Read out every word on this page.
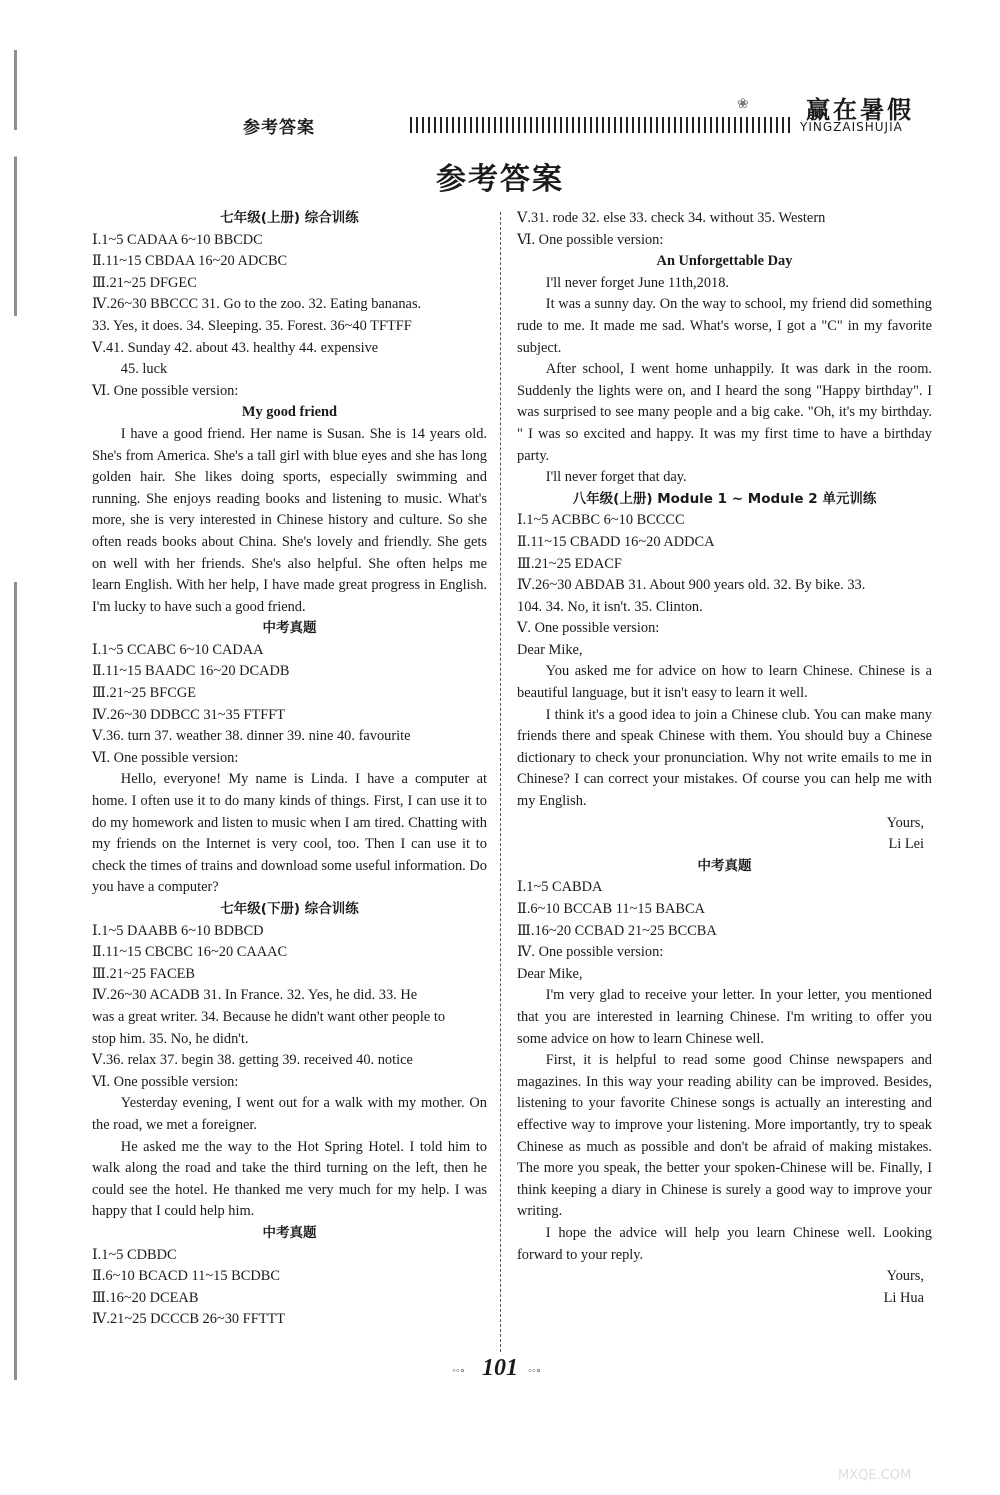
参考答案
❀ 赢在暑假
YINGZAISHUJIA
参考答案
七年级(上册) 综合训练
Ⅰ.1~5 CADAA 6~10 BBCDC
Ⅱ.11~15 CBDAA 16~20 ADCBC
Ⅲ.21~25 DFGEC
Ⅳ.26~30 BBCCC 31. Go to the zoo. 32. Eating bananas.
33. Yes, it does. 34. Sleeping. 35. Forest. 36~40 TFTFF
Ⅴ.41. Sunday 42. about 43. healthy 44. expensive
45. luck
Ⅵ. One possible version:
My good friend
I have a good friend. Her name is Susan. She is 14 years old. She's from America. She's a tall girl with blue eyes and she has long golden hair. She likes doing sports, especially swimming and running. She enjoys reading books and listening to music. What's more, she is very interested in Chinese history and culture. So she often reads books about China. She's lovely and friendly. She gets on well with her friends. She's also helpful. She often helps me learn English. With her help, I have made great progress in English. I'm lucky to have such a good friend.
中考真题
Ⅰ.1~5 CCABC 6~10 CADAA
Ⅱ.11~15 BAADC 16~20 DCADB
Ⅲ.21~25 BFCGE
Ⅳ.26~30 DDBCC 31~35 FTFFT
Ⅴ.36. turn 37. weather 38. dinner 39. nine 40. favourite
Ⅵ. One possible version:
Hello, everyone! My name is Linda. I have a computer at home. I often use it to do many kinds of things. First, I can use it to do my homework and listen to music when I am tired. Chatting with my friends on the Internet is very cool, too. Then I can use it to check the times of trains and download some useful information. Do you have a computer?
七年级(下册) 综合训练
Ⅰ.1~5 DAABB 6~10 BDBCD
Ⅱ.11~15 CBCBC 16~20 CAAAC
Ⅲ.21~25 FACEB
Ⅳ.26~30 ACADB 31. In France. 32. Yes, he did. 33. He
was a great writer. 34. Because he didn't want other people to
stop him. 35. No, he didn't.
Ⅴ.36. relax 37. begin 38. getting 39. received 40. notice
Ⅵ. One possible version:
Yesterday evening, I went out for a walk with my mother. On the road, we met a foreigner.
He asked me the way to the Hot Spring Hotel. I told him to walk along the road and take the third turning on the left, then he could see the hotel. He thanked me very much for my help. I was happy that I could help him.
中考真题
Ⅰ.1~5 CDBDC
Ⅱ.6~10 BCACD 11~15 BCDBC
Ⅲ.16~20 DCEAB
Ⅳ.21~25 DCCCB 26~30 FFTTT
Ⅴ.31. rode 32. else 33. check 34. without 35. Western
Ⅵ. One possible version:
An Unforgettable Day
I'll never forget June 11th,2018.
It was a sunny day. On the way to school, my friend did something rude to me. It made me sad. What's worse, I got a "C" in my favorite subject.
After school, I went home unhappily. It was dark in the room. Suddenly the lights were on, and I heard the song "Happy birthday". I was surprised to see many people and a big cake. "Oh, it's my birthday. " I was so excited and happy. It was my first time to have a birthday party.
I'll never forget that day.
八年级(上册) Module 1 ~ Module 2 单元训练
Ⅰ.1~5 ACBBC 6~10 BCCCC
Ⅱ.11~15 CBADD 16~20 ADDCA
Ⅲ.21~25 EDACF
Ⅳ.26~30 ABDAB 31. About 900 years old. 32. By bike. 33.
104. 34. No, it isn't. 35. Clinton.
Ⅴ. One possible version:
Dear Mike,
You asked me for advice on how to learn Chinese. Chinese is a beautiful language, but it isn't easy to learn it well.
I think it's a good idea to join a Chinese club. You can make many friends there and speak Chinese with them. You should buy a Chinese dictionary to check your pronunciation. Why not write emails to me in Chinese? I can correct your mistakes. Of course you can help me with my English.
Yours,
Li Lei
中考真题
Ⅰ.1~5 CABDA
Ⅱ.6~10 BCCAB 11~15 BABCA
Ⅲ.16~20 CCBAD 21~25 BCCBA
Ⅳ. One possible version:
Dear Mike,
I'm very glad to receive your letter. In your letter, you mentioned that you are interested in learning Chinese. I'm writing to offer you some advice on how to learn Chinese well.
First, it is helpful to read some good Chinse newspapers and magazines. In this way your reading ability can be improved. Besides, listening to your favorite Chinese songs is actually an interesting and effective way to improve your listening. More importantly, try to speak Chinese as much as possible and don't be afraid of making mistakes. The more you speak, the better your spoken-Chinese will be. Finally, I think keeping a diary in Chinese is surely a good way to improve your writing.
I hope the advice will help you learn Chinese well. Looking forward to your reply.
Yours,
Li Hua
◦◦∘ 101 ◦◦∘
MXQE.COM
